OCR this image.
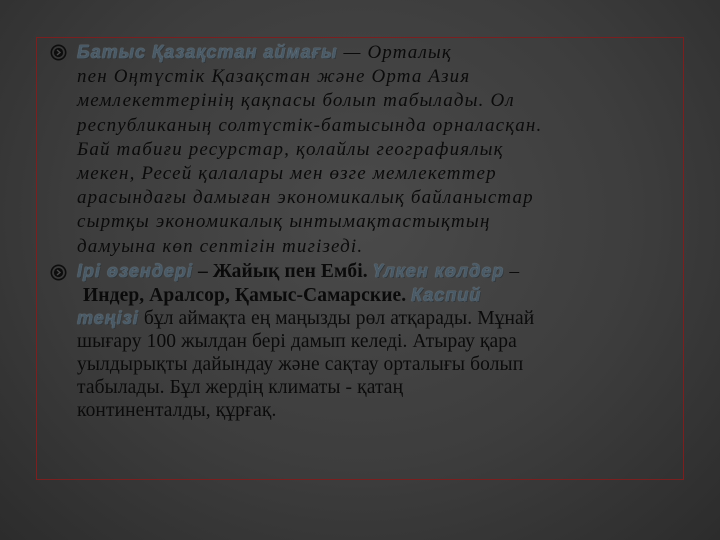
Батыс Қазақстан аймағы — Орталық
пен Оңтүстік Қазақстан және Орта Азия
мемлекеттерінің қақпасы болып табылады. Ол
республиканың солтүстік-батысында орналасқан.
Бай табиғи ресурстар, қолайлы географиялық
мекен, Ресей қалалары мен өзге мемлекеттер
арасындағы дамыған экономикалық байланыстар
сыртқы экономикалық ынтымақтастықтың
дамуына көп септігін тигізеді.

Ірі өзендері – Жайық пен Ембі. Үлкен көлдер –
Индер, Аралсор, Қамыс-Самарские. Каспий
теңізі бұл аймақта ең маңызды рөл атқарады. Мұнай
шығару 100 жылдан бері дамып келеді. Атырау қара
уылдырықты дайындау және сақтау орталығы болып
табылады. Бұл жердің климаты - қатаң
континенталды, құрғақ.
